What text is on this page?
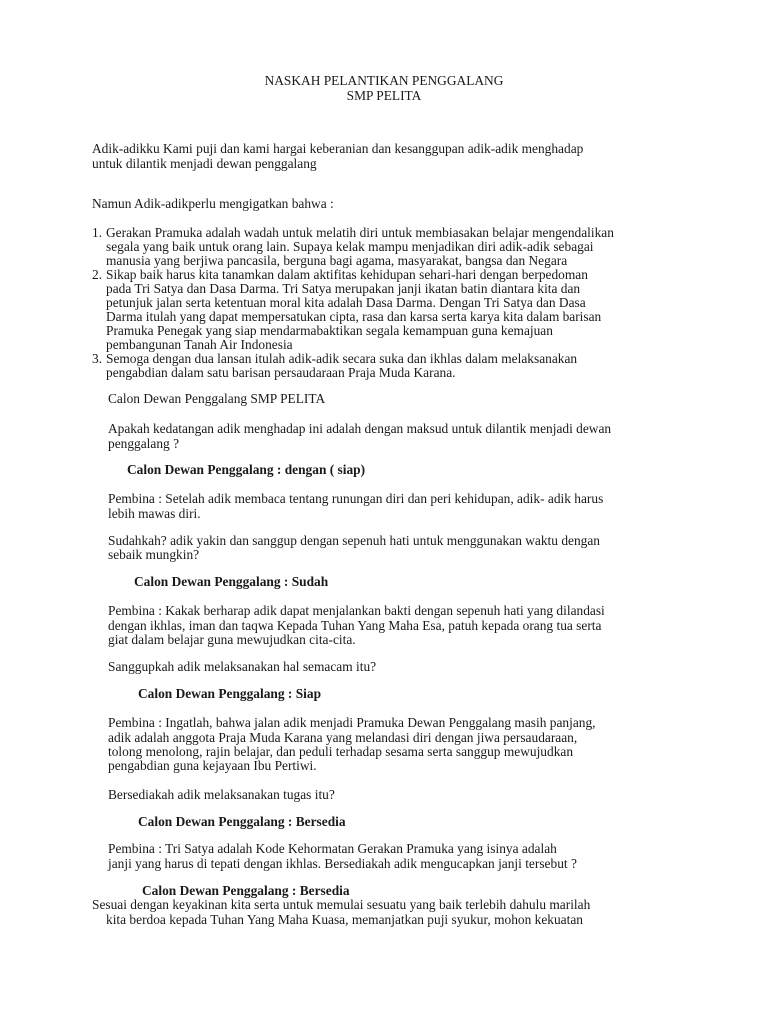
NASKAH PELANTIKAN PENGGALANG
SMP PELITA
Adik-adikku Kami puji dan kami hargai keberanian dan kesanggupan adik-adik menghadap
untuk dilantik menjadi dewan penggalang
Namun Adik-adikperlu mengigatkan bahwa :
1. Gerakan Pramuka adalah wadah untuk melatih diri untuk membiasakan belajar mengendalikan
segala yang baik untuk orang lain. Supaya kelak mampu menjadikan diri adik-adik sebagai
manusia yang berjiwa pancasila, berguna bagi agama, masyarakat, bangsa dan Negara
2. Sikap baik harus kita tanamkan dalam aktifitas kehidupan sehari-hari dengan berpedoman
pada Tri Satya dan Dasa Darma. Tri Satya merupakan janji ikatan batin diantara kita dan
petunjuk jalan serta ketentuan moral kita adalah Dasa Darma. Dengan Tri Satya dan Dasa
Darma itulah yang dapat mempersatukan cipta, rasa dan karsa serta karya kita dalam barisan
Pramuka Penegak yang siap mendarmabaktikan segala kemampuan guna kemajuan
pembangunan Tanah Air Indonesia
3. Semoga dengan dua lansan itulah adik-adik secara suka dan ikhlas dalam melaksanakan
pengabdian dalam satu barisan persaudaraan Praja Muda Karana.
Calon Dewan Penggalang SMP PELITA
Apakah kedatangan adik menghadap ini adalah dengan maksud untuk dilantik menjadi dewan
penggalang ?
Calon Dewan Penggalang : dengan ( siap)
Pembina : Setelah adik membaca tentang runungan diri dan peri kehidupan, adik- adik harus
lebih mawas diri.
Sudahkah? adik yakin dan sanggup dengan sepenuh hati untuk menggunakan waktu dengan
sebaik mungkin?
Calon Dewan Penggalang : Sudah
Pembina : Kakak berharap adik dapat menjalankan bakti dengan sepenuh hati yang dilandasi
dengan ikhlas, iman dan taqwa Kepada Tuhan Yang Maha Esa, patuh kepada orang tua serta
giat dalam belajar guna mewujudkan cita-cita.
Sanggupkah adik melaksanakan hal semacam itu?
Calon Dewan Penggalang : Siap
Pembina : Ingatlah, bahwa jalan adik menjadi Pramuka Dewan Penggalang masih panjang,
adik adalah anggota Praja Muda Karana yang melandasi diri dengan jiwa persaudaraan,
tolong menolong, rajin belajar, dan peduli terhadap sesama serta sanggup mewujudkan
pengabdian guna kejayaan Ibu Pertiwi.
Bersediakah adik melaksanakan tugas itu?
Calon Dewan Penggalang : Bersedia
Pembina : Tri Satya adalah Kode Kehormatan Gerakan Pramuka yang isinya adalah
janji yang harus di tepati dengan ikhlas. Bersediakah adik mengucapkan janji tersebut ?
Calon Dewan Penggalang : Bersedia
Sesuai dengan keyakinan kita serta untuk memulai sesuatu yang baik terlebih dahulu marilah
kita berdoa kepada Tuhan Yang Maha Kuasa, memanjatkan puji syukur, mohon kekuatan
